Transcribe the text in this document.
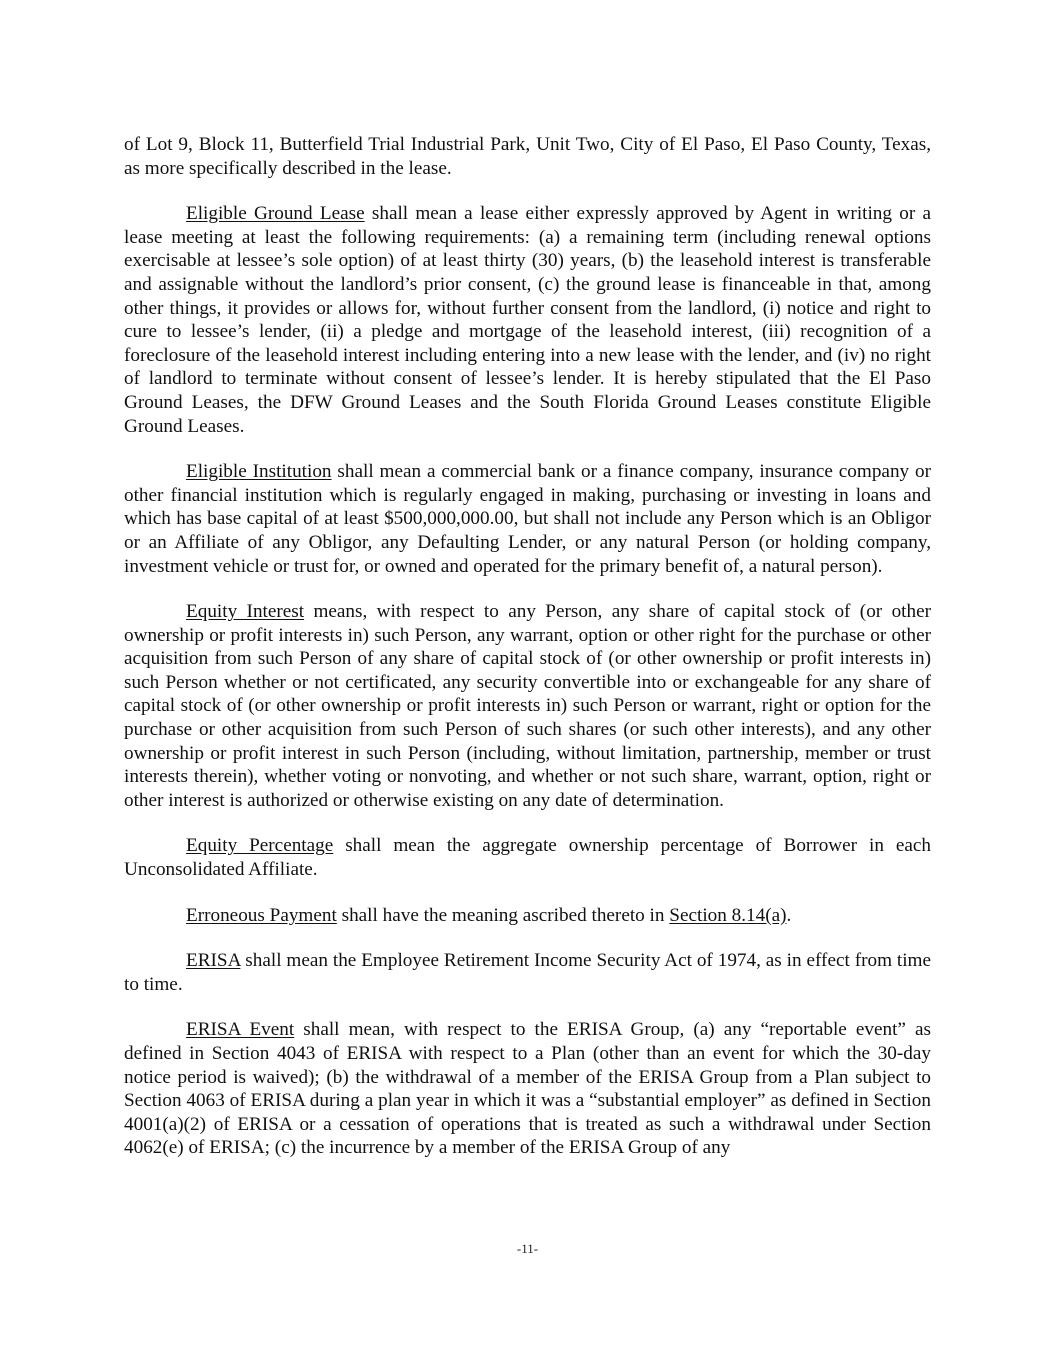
of Lot 9, Block 11, Butterfield Trial Industrial Park, Unit Two, City of El Paso, El Paso County, Texas, as more specifically described in the lease.

Eligible Ground Lease shall mean a lease either expressly approved by Agent in writing or a lease meeting at least the following requirements: (a) a remaining term (including renewal options exercisable at lessee’s sole option) of at least thirty (30) years, (b) the leasehold interest is transferable and assignable without the landlord’s prior consent, (c) the ground lease is financeable in that, among other things, it provides or allows for, without further consent from the landlord, (i) notice and right to cure to lessee’s lender, (ii) a pledge and mortgage of the leasehold interest, (iii) recognition of a foreclosure of the leasehold interest including entering into a new lease with the lender, and (iv) no right of landlord to terminate without consent of lessee’s lender. It is hereby stipulated that the El Paso Ground Leases, the DFW Ground Leases and the South Florida Ground Leases constitute Eligible Ground Leases.

Eligible Institution shall mean a commercial bank or a finance company, insurance company or other financial institution which is regularly engaged in making, purchasing or investing in loans and which has base capital of at least $500,000,000.00, but shall not include any Person which is an Obligor or an Affiliate of any Obligor, any Defaulting Lender, or any natural Person (or holding company, investment vehicle or trust for, or owned and operated for the primary benefit of, a natural person).

Equity Interest means, with respect to any Person, any share of capital stock of (or other ownership or profit interests in) such Person, any warrant, option or other right for the purchase or other acquisition from such Person of any share of capital stock of (or other ownership or profit interests in) such Person whether or not certificated, any security convertible into or exchangeable for any share of capital stock of (or other ownership or profit interests in) such Person or warrant, right or option for the purchase or other acquisition from such Person of such shares (or such other interests), and any other ownership or profit interest in such Person (including, without limitation, partnership, member or trust interests therein), whether voting or nonvoting, and whether or not such share, warrant, option, right or other interest is authorized or otherwise existing on any date of determination.

Equity Percentage shall mean the aggregate ownership percentage of Borrower in each Unconsolidated Affiliate.

Erroneous Payment shall have the meaning ascribed thereto in Section 8.14(a).

ERISA shall mean the Employee Retirement Income Security Act of 1974, as in effect from time to time.

ERISA Event shall mean, with respect to the ERISA Group, (a) any “reportable event” as defined in Section 4043 of ERISA with respect to a Plan (other than an event for which the 30-day notice period is waived); (b) the withdrawal of a member of the ERISA Group from a Plan subject to Section 4063 of ERISA during a plan year in which it was a “substantial employer” as defined in Section 4001(a)(2) of ERISA or a cessation of operations that is treated as such a withdrawal under Section 4062(e) of ERISA; (c) the incurrence by a member of the ERISA Group of any

-11-
